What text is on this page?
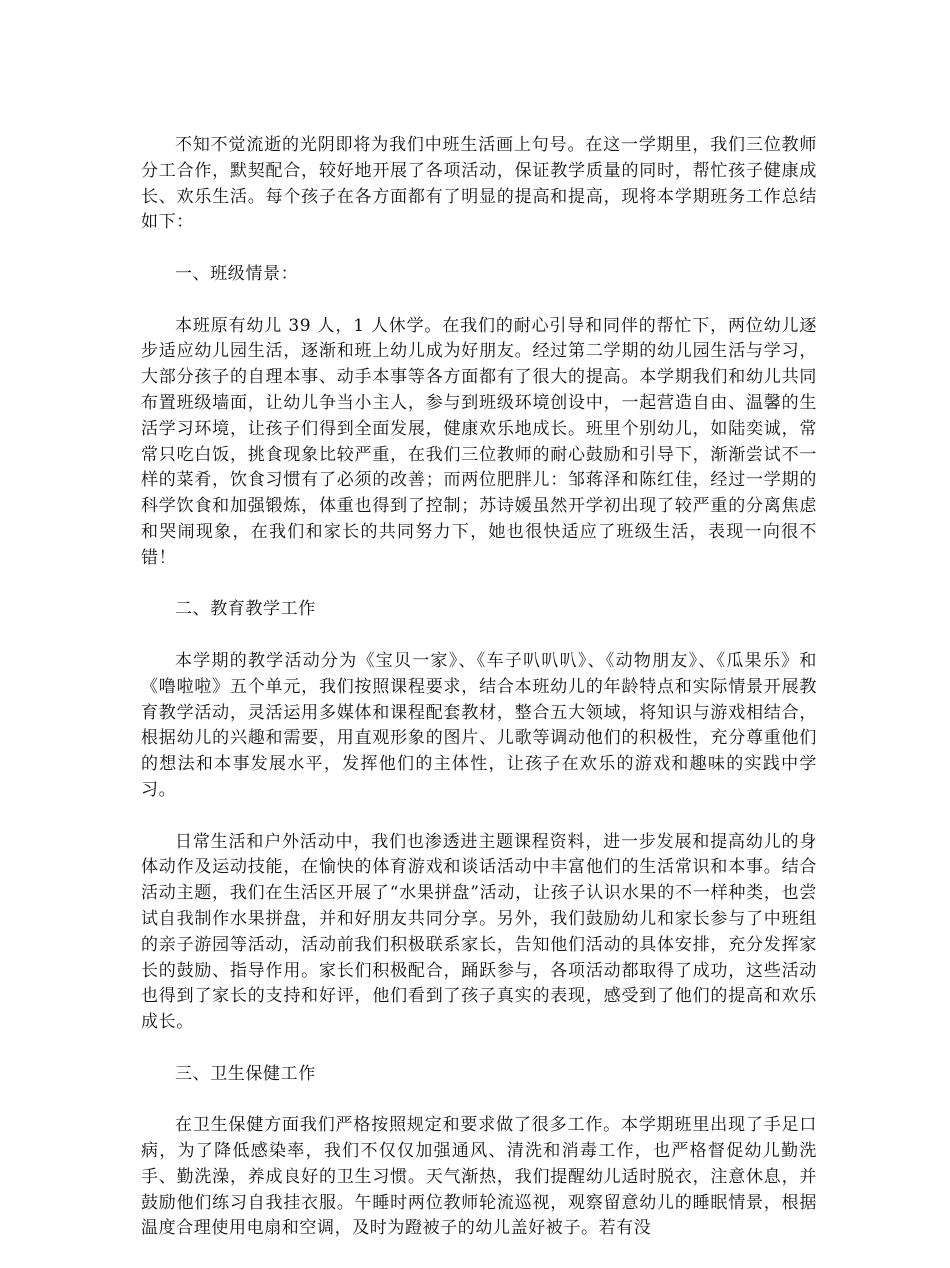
不知不觉流逝的光阴即将为我们中班生活画上句号。在这一学期里，我们三位教师分工合作，默契配合，较好地开展了各项活动，保证教学质量的同时，帮忙孩子健康成长、欢乐生活。每个孩子在各方面都有了明显的提高和提高，现将本学期班务工作总结如下：

一、班级情景：

本班原有幼儿 39 人，1 人休学。在我们的耐心引导和同伴的帮忙下，两位幼儿逐步适应幼儿园生活，逐渐和班上幼儿成为好朋友。经过第二学期的幼儿园生活与学习，大部分孩子的自理本事、动手本事等各方面都有了很大的提高。本学期我们和幼儿共同布置班级墙面，让幼儿争当小主人，参与到班级环境创设中，一起营造自由、温馨的生活学习环境，让孩子们得到全面发展，健康欢乐地成长。班里个别幼儿，如陆奕诚，常常只吃白饭，挑食现象比较严重，在我们三位教师的耐心鼓励和引导下，渐渐尝试不一样的菜肴，饮食习惯有了必须的改善；而两位肥胖儿：邹蒋泽和陈红佳，经过一学期的科学饮食和加强锻炼，体重也得到了控制；苏诗媛虽然开学初出现了较严重的分离焦虑和哭闹现象，在我们和家长的共同努力下，她也很快适应了班级生活，表现一向很不错！

二、教育教学工作

本学期的教学活动分为《宝贝一家》、《车子叭叭叭》、《动物朋友》、《瓜果乐》和《噜啦啦》五个单元，我们按照课程要求，结合本班幼儿的年龄特点和实际情景开展教育教学活动，灵活运用多媒体和课程配套教材，整合五大领域，将知识与游戏相结合，根据幼儿的兴趣和需要，用直观形象的图片、儿歌等调动他们的积极性，充分尊重他们的想法和本事发展水平，发挥他们的主体性，让孩子在欢乐的游戏和趣味的实践中学习。

日常生活和户外活动中，我们也渗透进主题课程资料，进一步发展和提高幼儿的身体动作及运动技能，在愉快的体育游戏和谈话活动中丰富他们的生活常识和本事。结合活动主题，我们在生活区开展了“水果拼盘”活动，让孩子认识水果的不一样种类，也尝试自我制作水果拼盘，并和好朋友共同分享。另外，我们鼓励幼儿和家长参与了中班组的亲子游园等活动，活动前我们积极联系家长，告知他们活动的具体安排，充分发挥家长的鼓励、指导作用。家长们积极配合，踊跃参与，各项活动都取得了成功，这些活动也得到了家长的支持和好评，他们看到了孩子真实的表现，感受到了他们的提高和欢乐成长。

三、卫生保健工作

在卫生保健方面我们严格按照规定和要求做了很多工作。本学期班里出现了手足口病，为了降低感染率，我们不仅仅加强通风、清洗和消毒工作，也严格督促幼儿勤洗手、勤洗澡，养成良好的卫生习惯。天气渐热，我们提醒幼儿适时脱衣，注意休息，并鼓励他们练习自我挂衣服。午睡时两位教师轮流巡视，观察留意幼儿的睡眠情景，根据温度合理使用电扇和空调，及时为蹬被子的幼儿盖好被子。若有没
